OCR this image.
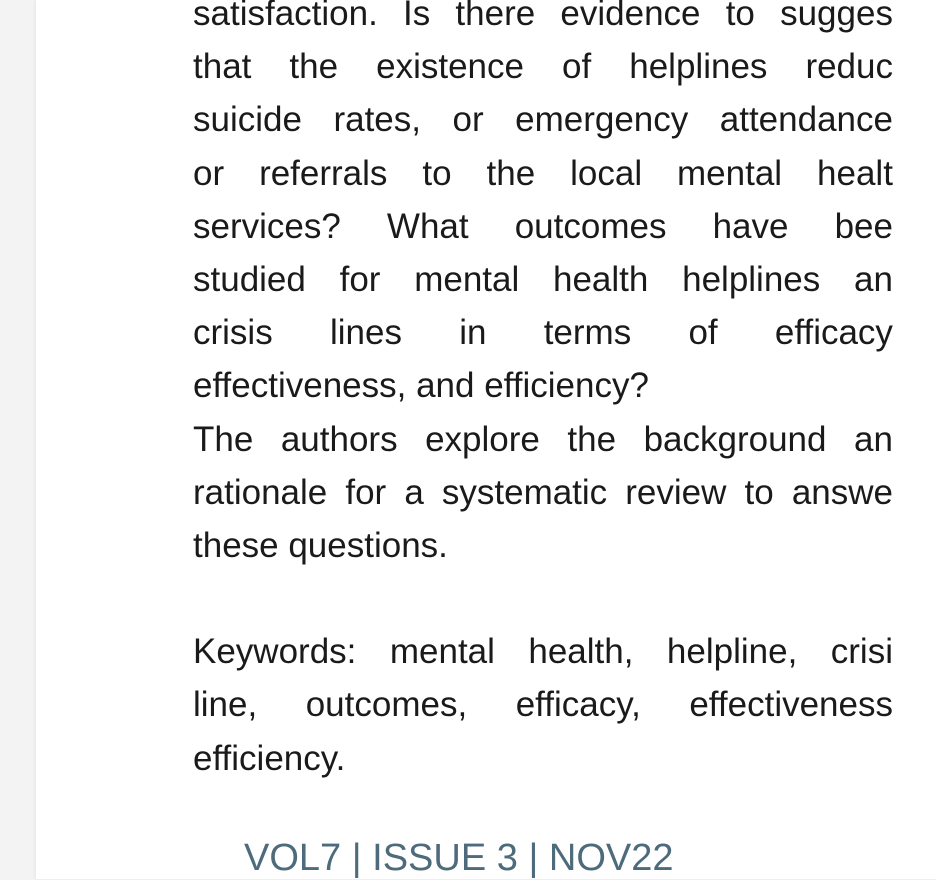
satisfaction. Is there evidence to sugges
that the existence of helplines reduc
suicide rates, or emergency attendance
or referrals to the local mental healt
services? What outcomes have bee
studied for mental health helplines an
crisis lines in terms of efficacy
effectiveness, and efficiency?
The authors explore the background an
rationale for a systematic review to answe
these questions.
Keywords: mental health, helpline, crisi
line, outcomes, efficacy, effectiveness
efficiency.
VOL7 | ISSUE 3 | NOV22
